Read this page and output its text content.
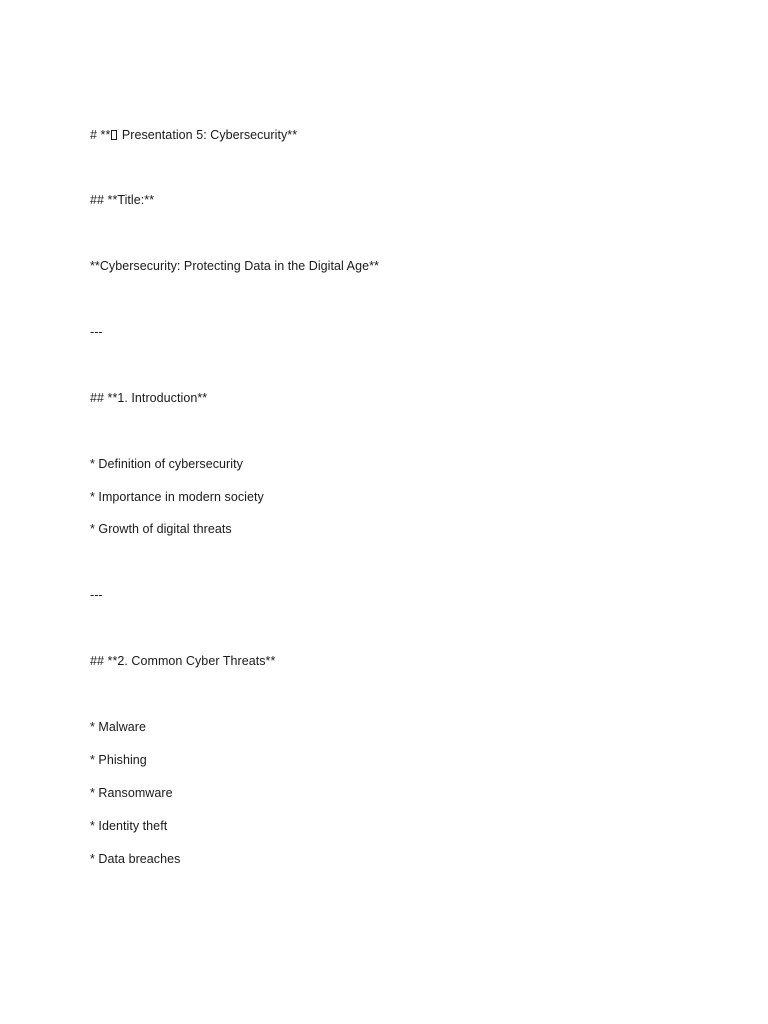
# ** Presentation 5: Cybersecurity**
## **Title:**
**Cybersecurity: Protecting Data in the Digital Age**
---
## **1. Introduction**
* Definition of cybersecurity
* Importance in modern society
* Growth of digital threats
---
## **2. Common Cyber Threats**
* Malware
* Phishing
* Ransomware
* Identity theft
* Data breaches
